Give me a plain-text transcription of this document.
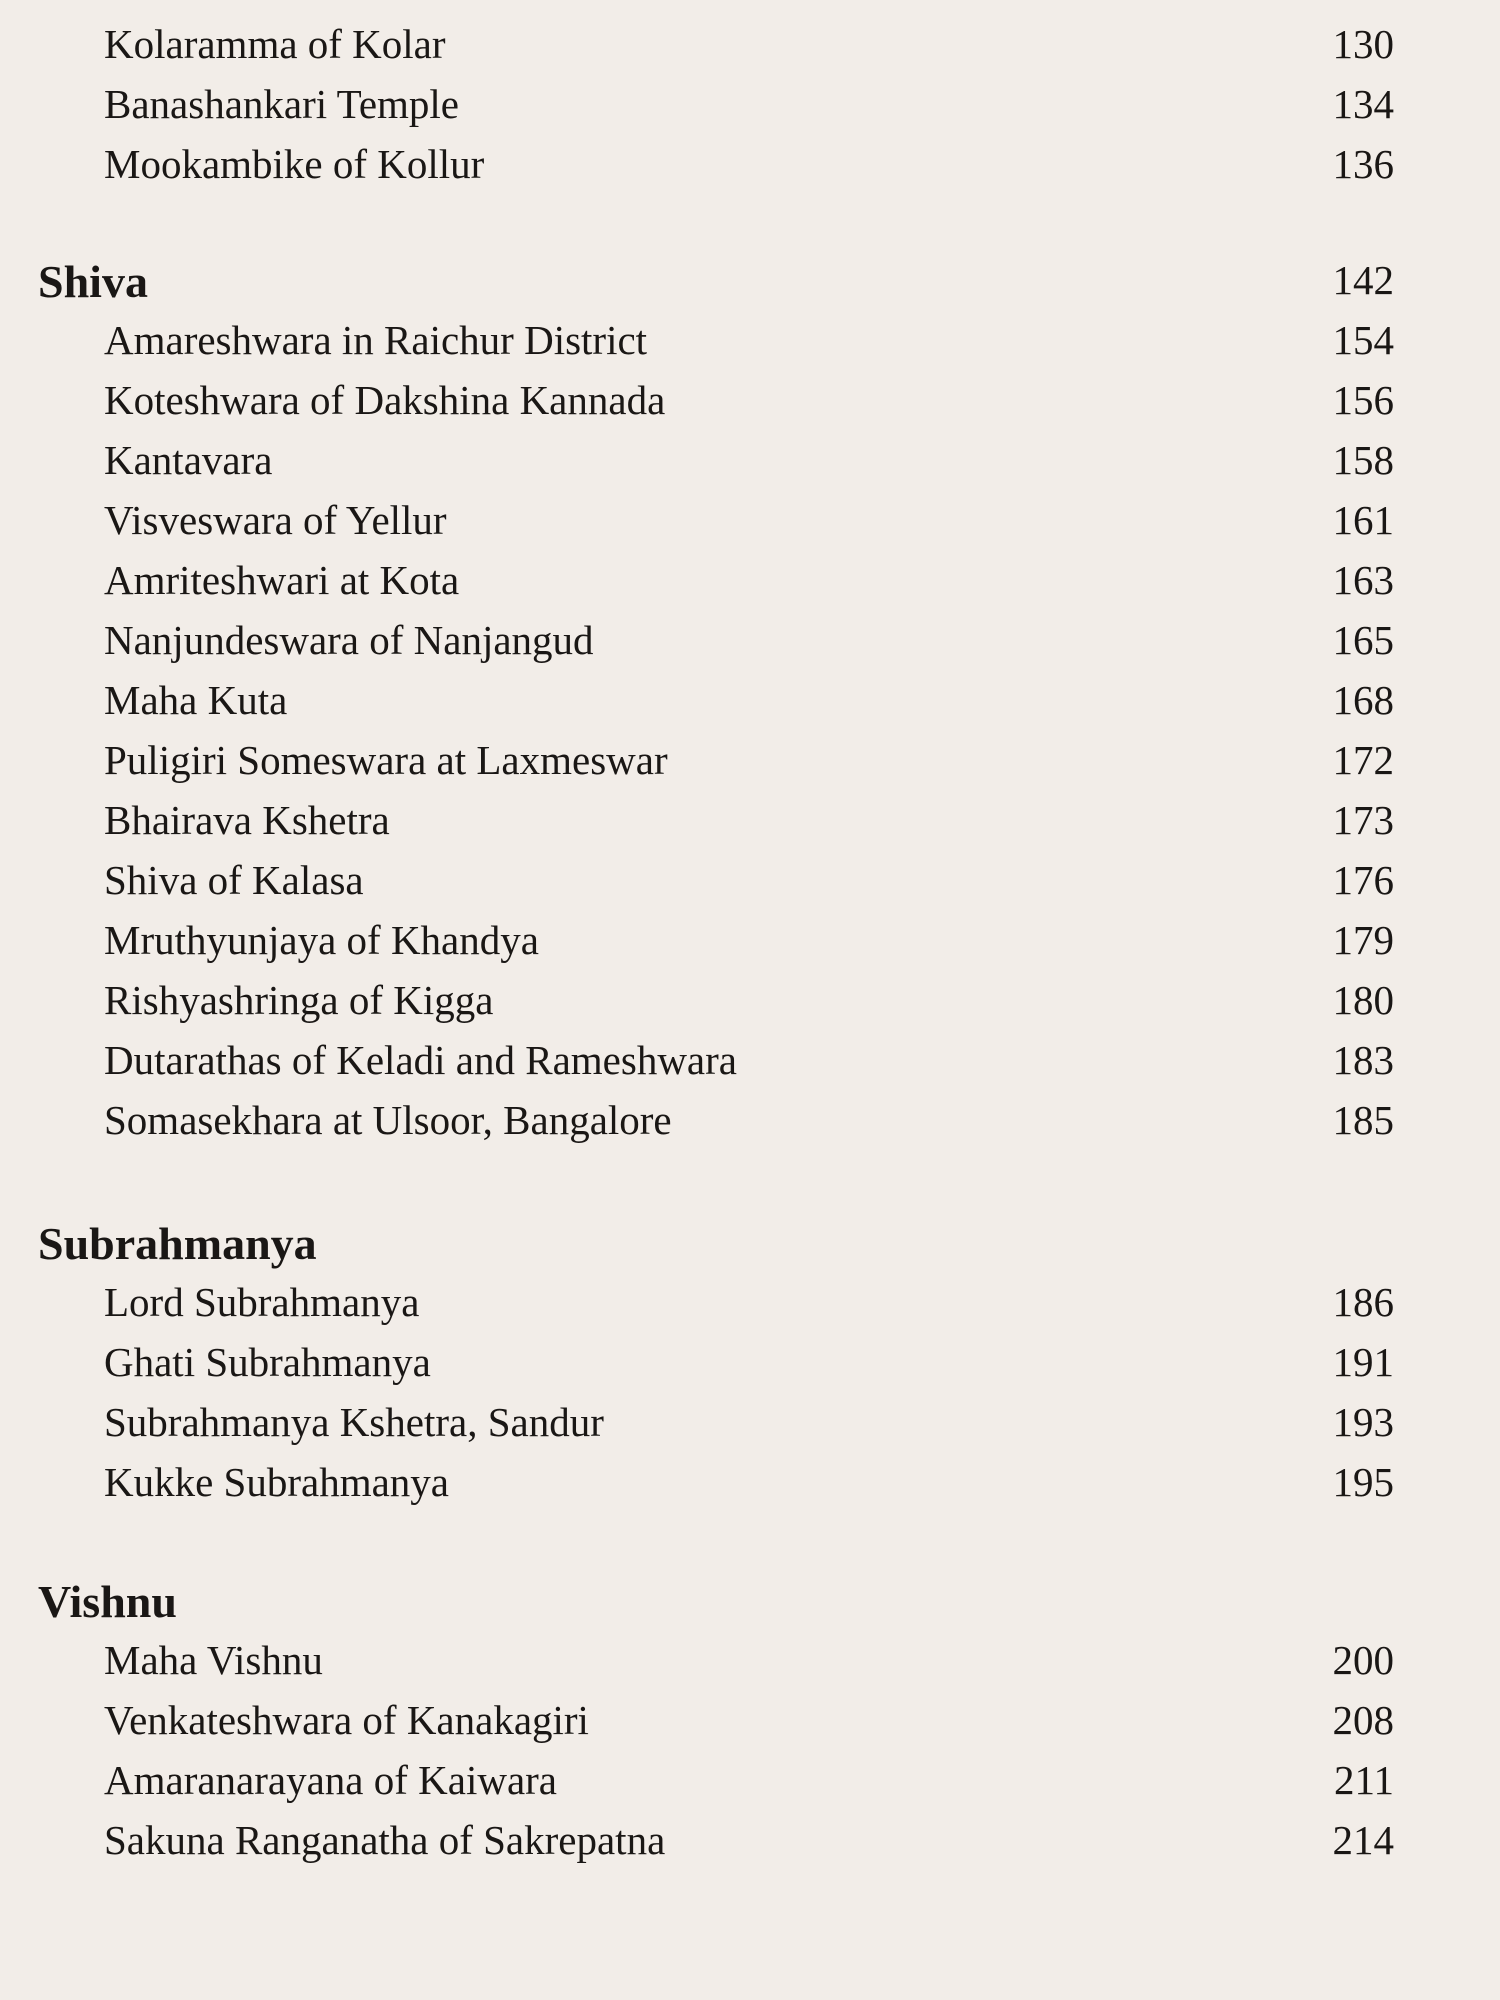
Kolaramma of Kolar	130
Banashankari Temple	134
Mookambike of Kollur	136
Shiva	142
Amareshwara in Raichur District	154
Koteshwara of Dakshina Kannada	156
Kantavara	158
Visveswara of Yellur	161
Amriteshwari at Kota	163
Nanjundeswara of Nanjangud	165
Maha Kuta	168
Puligiri Someswara at Laxmeswar	172
Bhairava Kshetra	173
Shiva of Kalasa	176
Mruthyunjaya of Khandya	179
Rishyashringa of Kigga	180
Dutarathas of Keladi and Rameshwara	183
Somasekhara at Ulsoor, Bangalore	185
Subrahmanya
Lord Subrahmanya	186
Ghati Subrahmanya	191
Subrahmanya Kshetra, Sandur	193
Kukke Subrahmanya	195
Vishnu
Maha Vishnu	200
Venkateshwara of Kanakagiri	208
Amaranarayana of Kaiwara	211
Sakuna Ranganatha of Sakrepatna	214
